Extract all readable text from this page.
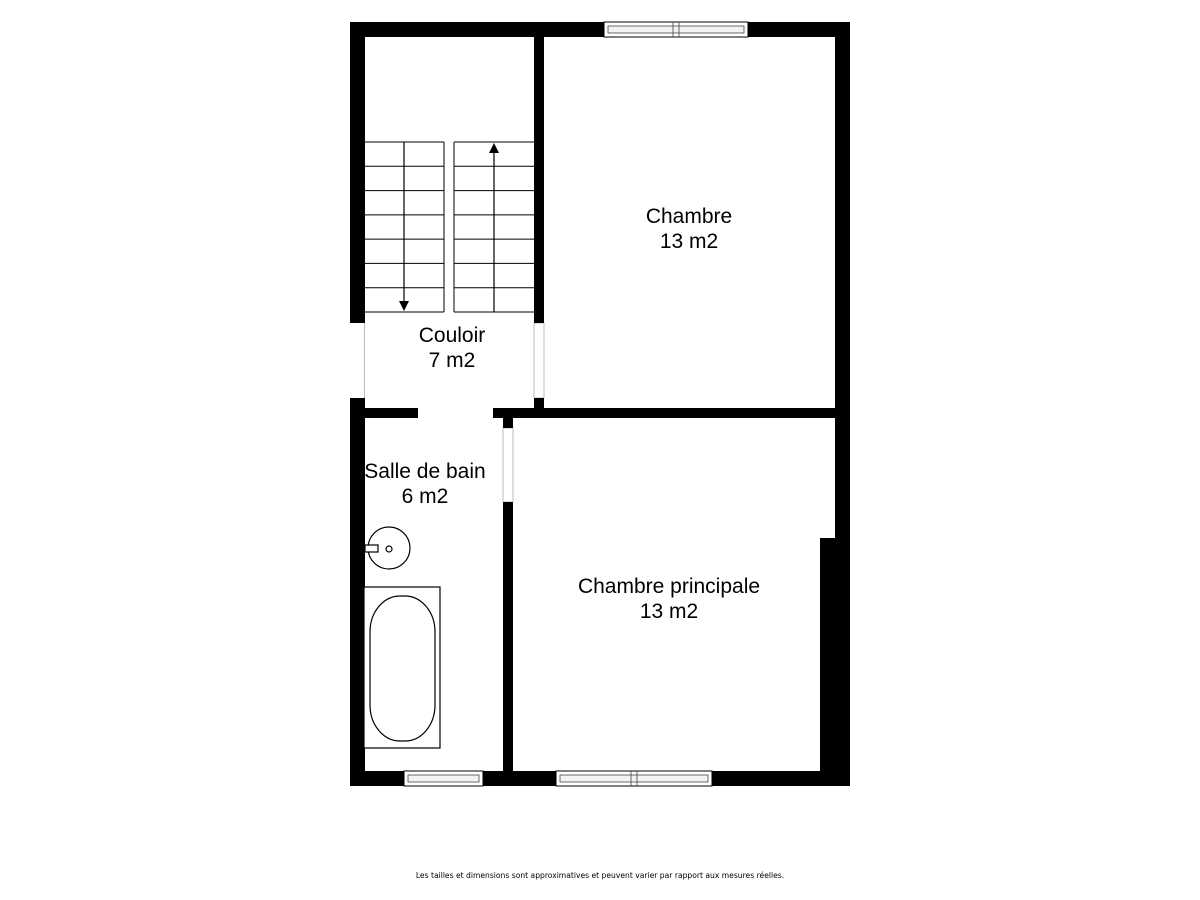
Chambre
13 m2
Couloir
7 m2
Salle de bain
6 m2
Chambre principale
13 m2
Les tailles et dimensions sont approximatives et peuvent varier par rapport aux mesures réelles.
